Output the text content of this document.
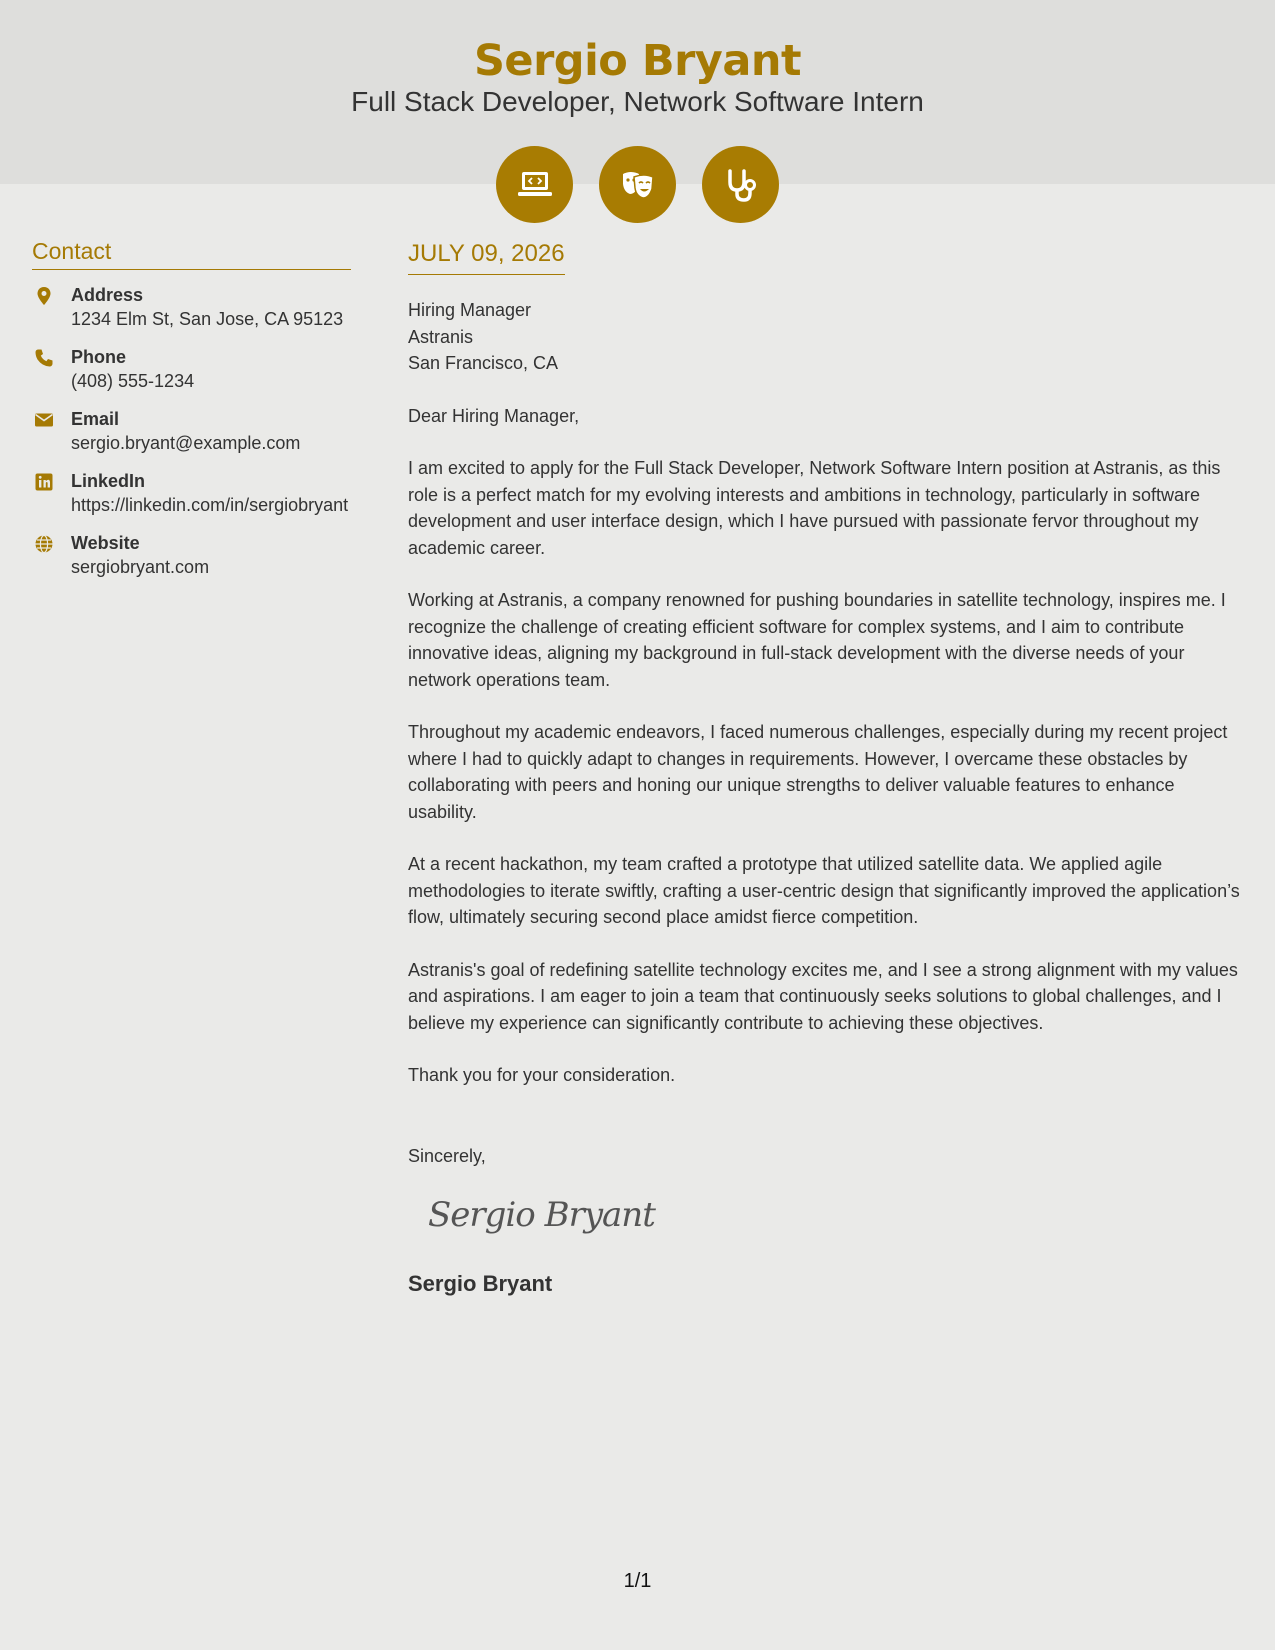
Sergio Bryant
Full Stack Developer, Network Software Intern
Contact
Address
1234 Elm St, San Jose, CA 95123
Phone
(408) 555-1234
Email
sergio.bryant@example.com
LinkedIn
https://linkedin.com/in/sergiobryant
Website
sergiobryant.com
JULY 09, 2026
Hiring Manager
Astranis
San Francisco, CA

Dear Hiring Manager,

I am excited to apply for the Full Stack Developer, Network Software Intern position at Astranis, as this role is a perfect match for my evolving interests and ambitions in technology, particularly in software development and user interface design, which I have pursued with passionate fervor throughout my academic career.

Working at Astranis, a company renowned for pushing boundaries in satellite technology, inspires me. I recognize the challenge of creating efficient software for complex systems, and I aim to contribute innovative ideas, aligning my background in full-stack development with the diverse needs of your network operations team.

Throughout my academic endeavors, I faced numerous challenges, especially during my recent project where I had to quickly adapt to changes in requirements. However, I overcame these obstacles by collaborating with peers and honing our unique strengths to deliver valuable features to enhance usability.

At a recent hackathon, my team crafted a prototype that utilized satellite data. We applied agile methodologies to iterate swiftly, crafting a user-centric design that significantly improved the application’s flow, ultimately securing second place amidst fierce competition.

Astranis's goal of redefining satellite technology excites me, and I see a strong alignment with my values and aspirations. I am eager to join a team that continuously seeks solutions to global challenges, and I believe my experience can significantly contribute to achieving these objectives.

Thank you for your consideration.

Sincerely,

Sergio Bryant
Sergio Bryant
1/1
